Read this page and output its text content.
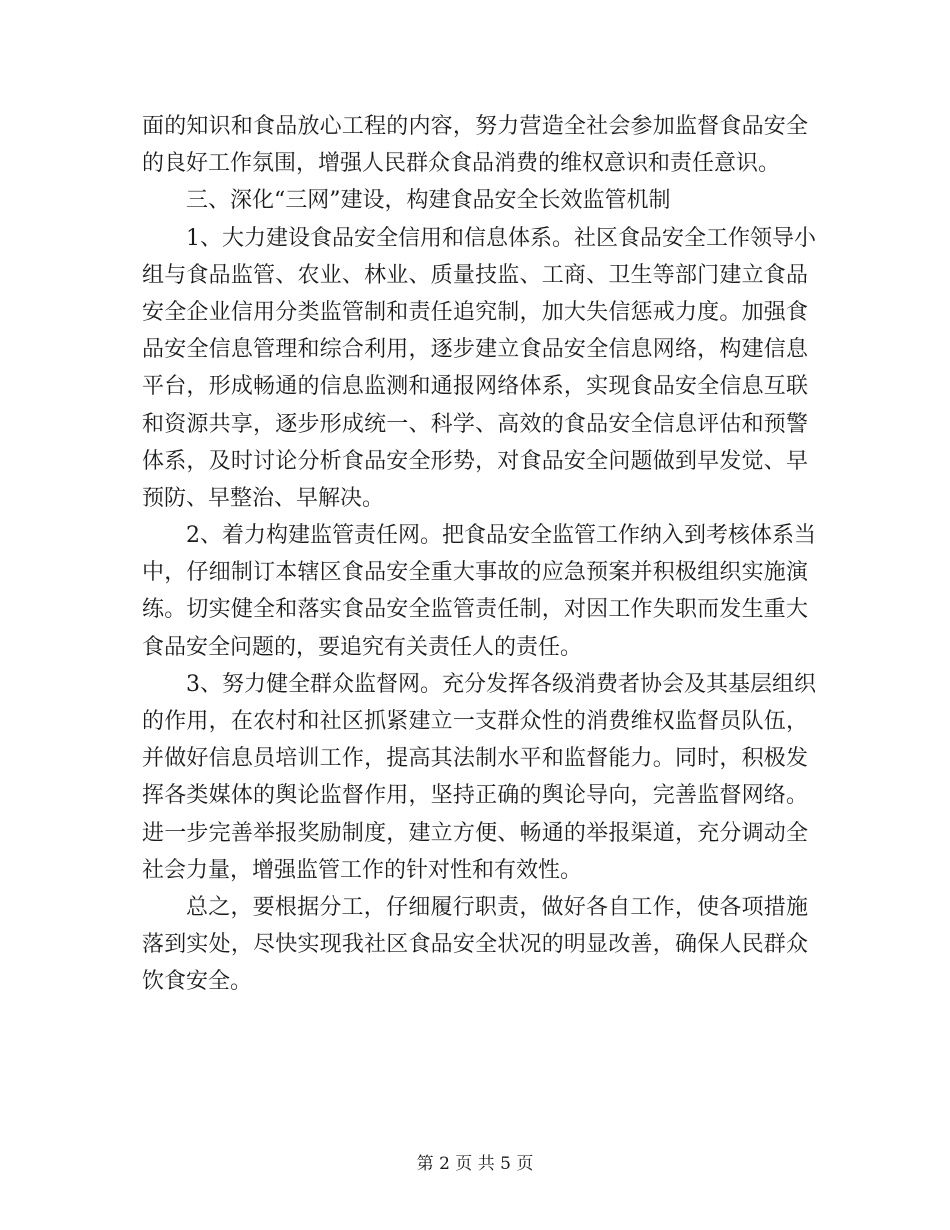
面的知识和食品放心工程的内容，努力营造全社会参加监督食品安全
的良好工作氛围，增强人民群众食品消费的维权意识和责任意识。
三、深化“三网”建设，构建食品安全长效监管机制
1、大力建设食品安全信用和信息体系。社区食品安全工作领导小
组与食品监管、农业、林业、质量技监、工商、卫生等部门建立食品
安全企业信用分类监管制和责任追究制，加大失信惩戒力度。加强食
品安全信息管理和综合利用，逐步建立食品安全信息网络，构建信息
平台，形成畅通的信息监测和通报网络体系，实现食品安全信息互联
和资源共享，逐步形成统一、科学、高效的食品安全信息评估和预警
体系，及时讨论分析食品安全形势，对食品安全问题做到早发觉、早
预防、早整治、早解决。
2、着力构建监管责任网。把食品安全监管工作纳入到考核体系当
中，仔细制订本辖区食品安全重大事故的应急预案并积极组织实施演
练。切实健全和落实食品安全监管责任制，对因工作失职而发生重大
食品安全问题的，要追究有关责任人的责任。
3、努力健全群众监督网。充分发挥各级消费者协会及其基层组织
的作用，在农村和社区抓紧建立一支群众性的消费维权监督员队伍，
并做好信息员培训工作，提高其法制水平和监督能力。同时，积极发
挥各类媒体的舆论监督作用，坚持正确的舆论导向，完善监督网络。
进一步完善举报奖励制度，建立方便、畅通的举报渠道，充分调动全
社会力量，增强监管工作的针对性和有效性。
总之，要根据分工，仔细履行职责，做好各自工作，使各项措施
落到实处，尽快实现我社区食品安全状况的明显改善，确保人民群众
饮食安全。
第 2 页 共 5 页
